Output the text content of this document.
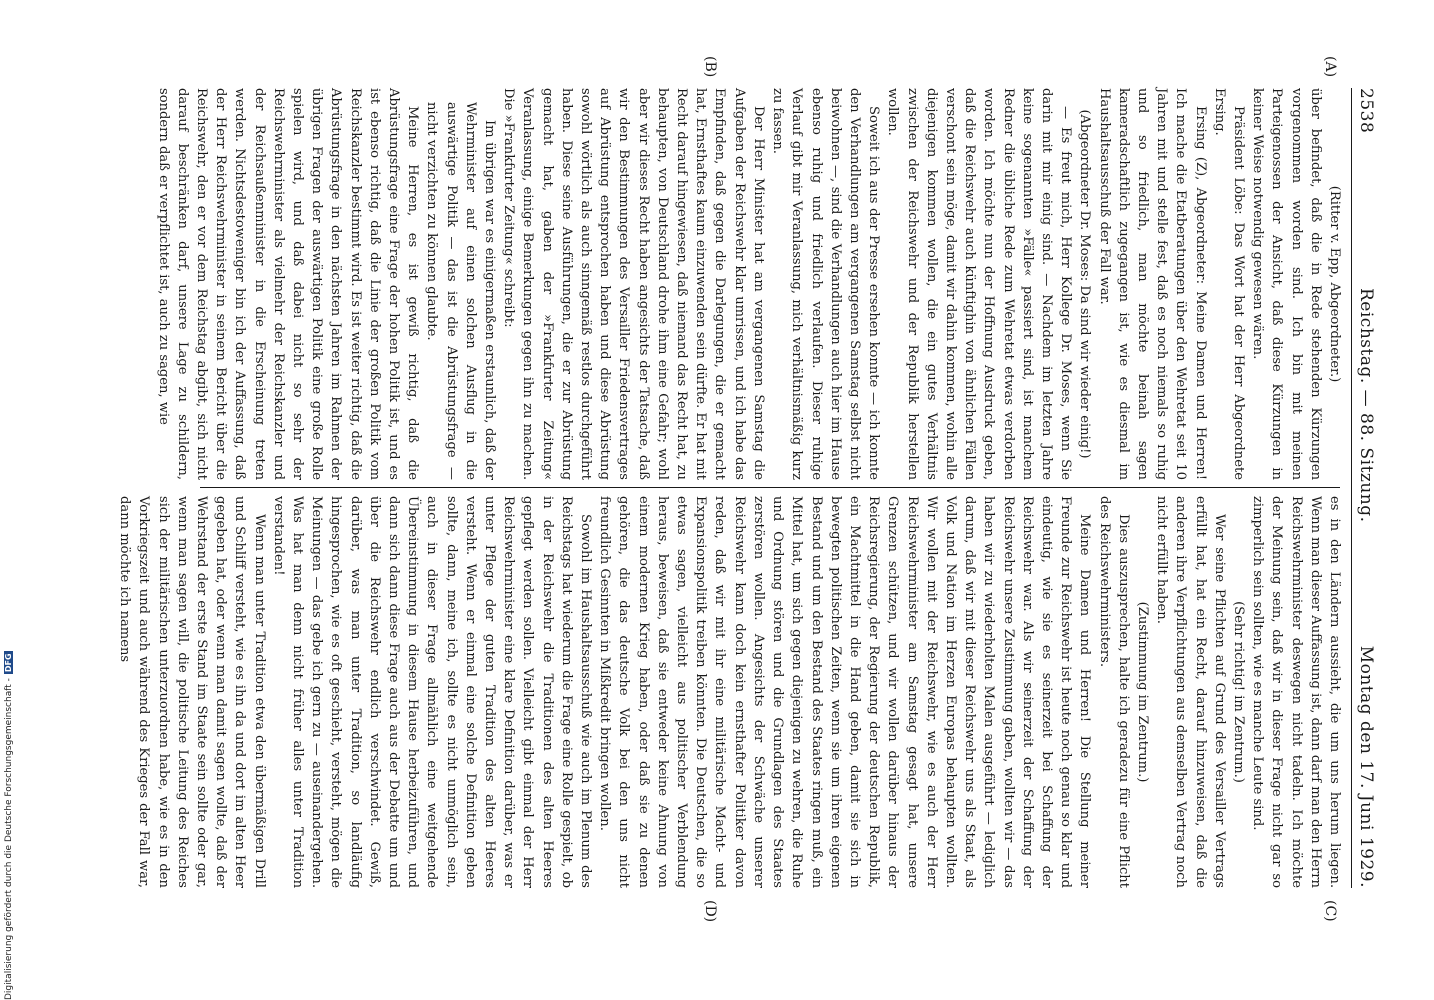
2538
Reichstag. — 88. Sitzung.
Montag den 17. Juni 1929.
(A)
(B)
(C)
(D)

(Ritter v. Epp, Abgeordneter.)

über befindet, daß die in Rede stehenden Kürzungen vorgenommen worden sind. Ich bin mit meinen Parteigenossen der Ansicht, daß diese Kürzungen in keiner Weise notwendig gewesen wären.

Präsident Löbe: Das Wort hat der Herr Abgeordnete Ersing.

Ersing (Z), Abgeordneter: Meine Damen und Herren! Ich mache die Etatberatungen über den Wehretat seit 10 Jahren mit und stelle fest, daß es noch niemals so ruhig und so friedlich, man möchte beinah sagen kameradschaftlich zugegangen ist, wie es diesmal im Haushaltsausschuß der Fall war.

(Abgeordneter Dr. Moses: Da sind wir wieder einig!)

— Es freut mich, Herr Kollege Dr. Moses, wenn Sie darin mit mir einig sind. — Nachdem im letzten Jahre keine sogenannten »Fälle« passiert sind, ist manchem Redner die übliche Rede zum Wehretat etwas verdorben worden. Ich möchte nun der Hoffnung Ausdruck geben, daß die Reichswehr auch künftighin von ähnlichen Fällen verschont sein möge, damit wir dahin kommen, wohin alle diejenigen kommen wollen, die ein gutes Verhältnis zwischen der Reichswehr und der Republik herstellen wollen.

Soweit ich aus der Presse ersehen konnte — ich konnte den Verhandlungen am vergangenen Samstag selbst nicht beiwohnen —, sind die Verhandlungen auch hier im Hause ebenso ruhig und friedlich verlaufen. Dieser ruhige Verlauf gibt mir Veranlassung, mich verhältnismäßig kurz zu fassen.

Der Herr Minister hat am vergangenen Samstag die Aufgaben der Reichswehr klar umrissen, und ich habe das Empfinden, daß gegen die Darlegungen, die er gemacht hat, Ernsthaftes kaum einzuwenden sein dürfte. Er hat mit Recht darauf hingewiesen, daß niemand das Recht hat, zu behaupten, von Deutschland drohe ihm eine Gefahr; wohl aber wir dieses Recht haben angesichts der Tatsache, daß wir den Bestimmungen des Versailler Friedensvertrages auf Abrüstung entsprochen haben und diese Abrüstung sowohl wörtlich als auch sinngemäß restlos durchgeführt haben. Diese seine Ausführungen, die er zur Abrüstung gemacht hat, gaben der »Frankfurter Zeitung« Veranlassung, einige Bemerkungen gegen ihn zu machen. Die »Frankfurter Zeitung« schreibt:

Im übrigen war es einigermaßen erstaunlich, daß der Wehrminister auf einen solchen Ausflug in die auswärtige Politik — das ist die Abrüstungsfrage — nicht verzichten zu können glaubte.

Meine Herren, es ist gewiß richtig, daß die Abrüstungsfrage eine Frage der hohen Politik ist, und es ist ebenso richtig, daß die Linie der großen Politik vom Reichskanzler bestimmt wird. Es ist weiter richtig, daß die Abrüstungsfrage in den nächsten Jahren im Rahmen der übrigen Fragen der auswärtigen Politik eine große Rolle spielen wird, und daß dabei nicht so sehr der Reichswehrminister als vielmehr der Reichskanzler und der Reichsaußenminister in die Erscheinung treten werden. Nichtsdestoweniger bin ich der Auffassung, daß der Herr Reichswehrminister in seinem Bericht über die Reichswehr, den er vor dem Reichstag abgibt, sich nicht darauf beschränken darf, unsere Lage zu schildern, sondern daß er verpflichtet ist, auch zu sagen, wie

es in den Ländern aussieht, die um uns herum liegen. Wenn man dieser Auffassung ist, dann darf man den Herrn Reichswehrminister deswegen nicht tadeln. Ich möchte der Meinung sein, daß wir in dieser Frage nicht gar so zimperlich sein sollten, wie es manche Leute sind.

(Sehr richtig! im Zentrum.)

Wer seine Pflichten auf Grund des Versailler Vertrags erfüllt hat, hat ein Recht, darauf hinzuweisen, daß die anderen ihre Verpflichtungen aus demselben Vertrag noch nicht erfüllt haben.

(Zustimmung im Zentrum.)

Dies auszusprechen, halte ich geradezu für eine Pflicht des Reichswehrministers.

Meine Damen und Herren! Die Stellung meiner Freunde zur Reichswehr ist heute noch genau so klar und eindeutig, wie sie es seinerzeit bei Schaffung der Reichswehr war. Als wir seinerzeit der Schaffung der Reichswehr unsere Zustimmung gaben, wollten wir — das haben wir zu wiederholten Malen ausgeführt — lediglich darum, daß wir mit dieser Reichswehr uns als Staat, als Volk und Nation im Herzen Europas behaupten wollten. Wir wollen mit der Reichswehr, wie es auch der Herr Reichswehrminister am Samstag gesagt hat, unsere Grenzen schützen, und wir wollen darüber hinaus der Reichsregierung, der Regierung der deutschen Republik, ein Machtmittel in die Hand geben, damit sie sich in bewegten politischen Zeiten, wenn sie um ihren eigenen Bestand und um den Bestand des Staates ringen muß, ein Mittel hat, um sich gegen diejenigen zu wehren, die Ruhe und Ordnung stören und die Grundlagen des Staates zerstören wollen. Angesichts der Schwäche unserer Reichswehr kann doch kein ernsthafter Politiker davon reden, daß wir mit ihr eine militärische Macht- und Expansionspolitik treiben könnten. Die Deutschen, die so etwas sagen, vielleicht aus politischer Verblendung heraus, beweisen, daß sie entweder keine Ahnung von einem modernen Krieg haben, oder daß sie zu denen gehören, die das deutsche Volk bei den uns nicht freundlich Gesinnten in Mißkredit bringen wollen.

Sowohl im Haushaltsausschuß wie auch im Plenum des Reichstags hat wiederum die Frage eine Rolle gespielt, ob in der Reichswehr die Traditionen des alten Heeres gepflegt werden sollen. Vielleicht gibt einmal der Herr Reichswehrminister eine klare Definition darüber, was er unter Pflege der guten Tradition des alten Heeres versteht. Wenn er einmal eine solche Definition geben sollte, dann, meine ich, sollte es nicht unmöglich sein, auch in dieser Frage allmählich eine weitgehende Übereinstimmung in diesem Hause herbeizuführen, und dann sich dann diese Frage auch aus der Debatte um und über die Reichswehr endlich verschwindet. Gewiß, darüber, was man unter Tradition, so landläufig hingesprochen, wie es oft geschieht, versteht, mögen die Meinungen — das gebe ich gern zu — auseinandergehen. Was hat man denn nicht früher alles unter Tradition verstanden!

Wenn man unter Tradition etwa den übermäßigen Drill und Schliff versteht, wie es ihn da und dort im alten Heer gegeben hat, oder wenn man damit sagen wollte, daß der Wehrstand der erste Stand im Staate sein sollte oder gar, wenn man sagen will, die politische Leitung des Reiches sich der militärischen unterzuordnen habe, wie es in den Vorkriegszeit und auch während des Krieges der Fall war, dann möchte ich namens

Digitalisierung gefördert durch die Deutsche Forschungsgemeinschaft -DFG
